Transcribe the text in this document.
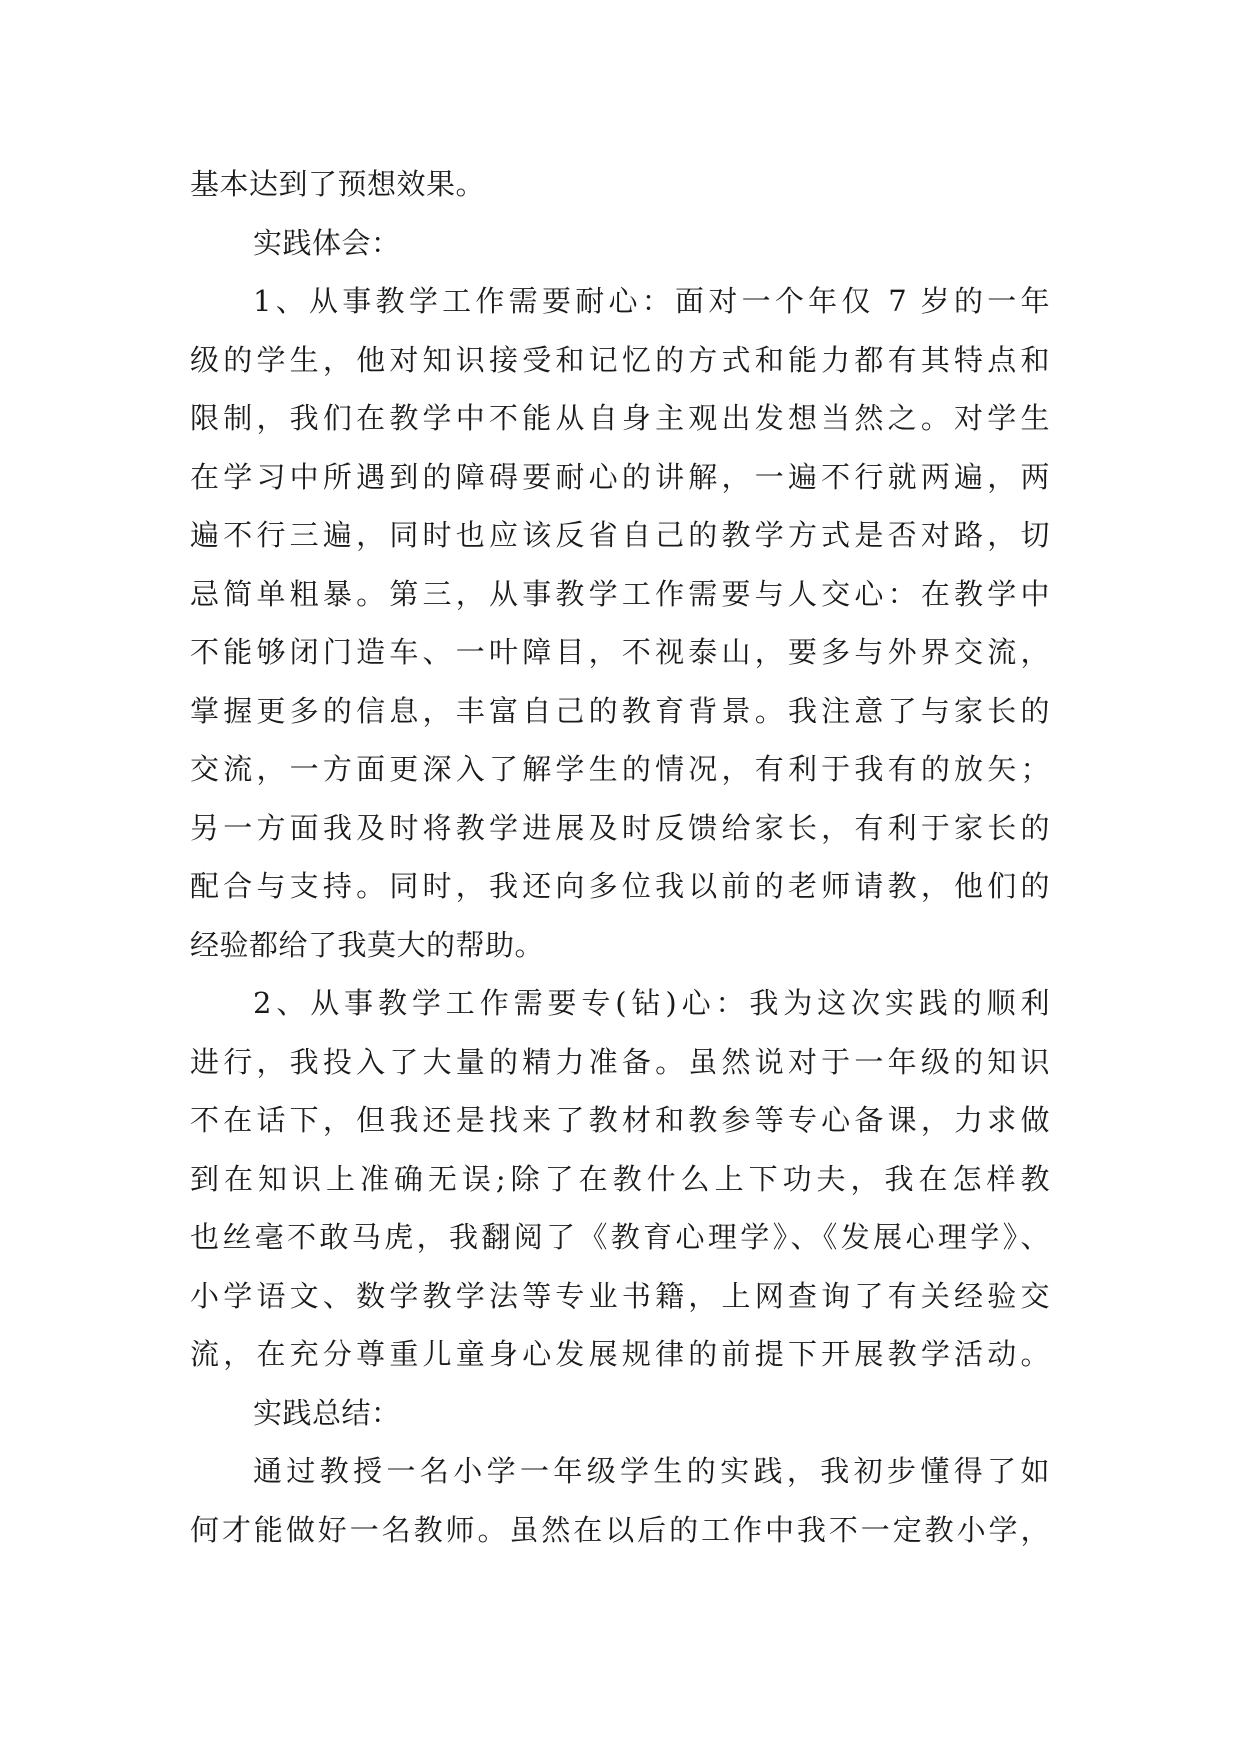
基本达到了预想效果。
实践体会：
1、从事教学工作需要耐心：面对一个年仅 7 岁的一年
级的学生，他对知识接受和记忆的方式和能力都有其特点和
限制，我们在教学中不能从自身主观出发想当然之。对学生
在学习中所遇到的障碍要耐心的讲解，一遍不行就两遍，两
遍不行三遍，同时也应该反省自己的教学方式是否对路，切
忌简单粗暴。第三，从事教学工作需要与人交心：在教学中
不能够闭门造车、一叶障目，不视泰山，要多与外界交流，
掌握更多的信息，丰富自己的教育背景。我注意了与家长的
交流，一方面更深入了解学生的情况，有利于我有的放矢；
另一方面我及时将教学进展及时反馈给家长，有利于家长的
配合与支持。同时，我还向多位我以前的老师请教，他们的
经验都给了我莫大的帮助。
2、从事教学工作需要专(钻)心：我为这次实践的顺利
进行，我投入了大量的精力准备。虽然说对于一年级的知识
不在话下，但我还是找来了教材和教参等专心备课，力求做
到在知识上准确无误;除了在教什么上下功夫，我在怎样教
也丝毫不敢马虎，我翻阅了《教育心理学》、《发展心理学》、
小学语文、数学教学法等专业书籍，上网查询了有关经验交
流，在充分尊重儿童身心发展规律的前提下开展教学活动。
实践总结：
通过教授一名小学一年级学生的实践，我初步懂得了如
何才能做好一名教师。虽然在以后的工作中我不一定教小学，
